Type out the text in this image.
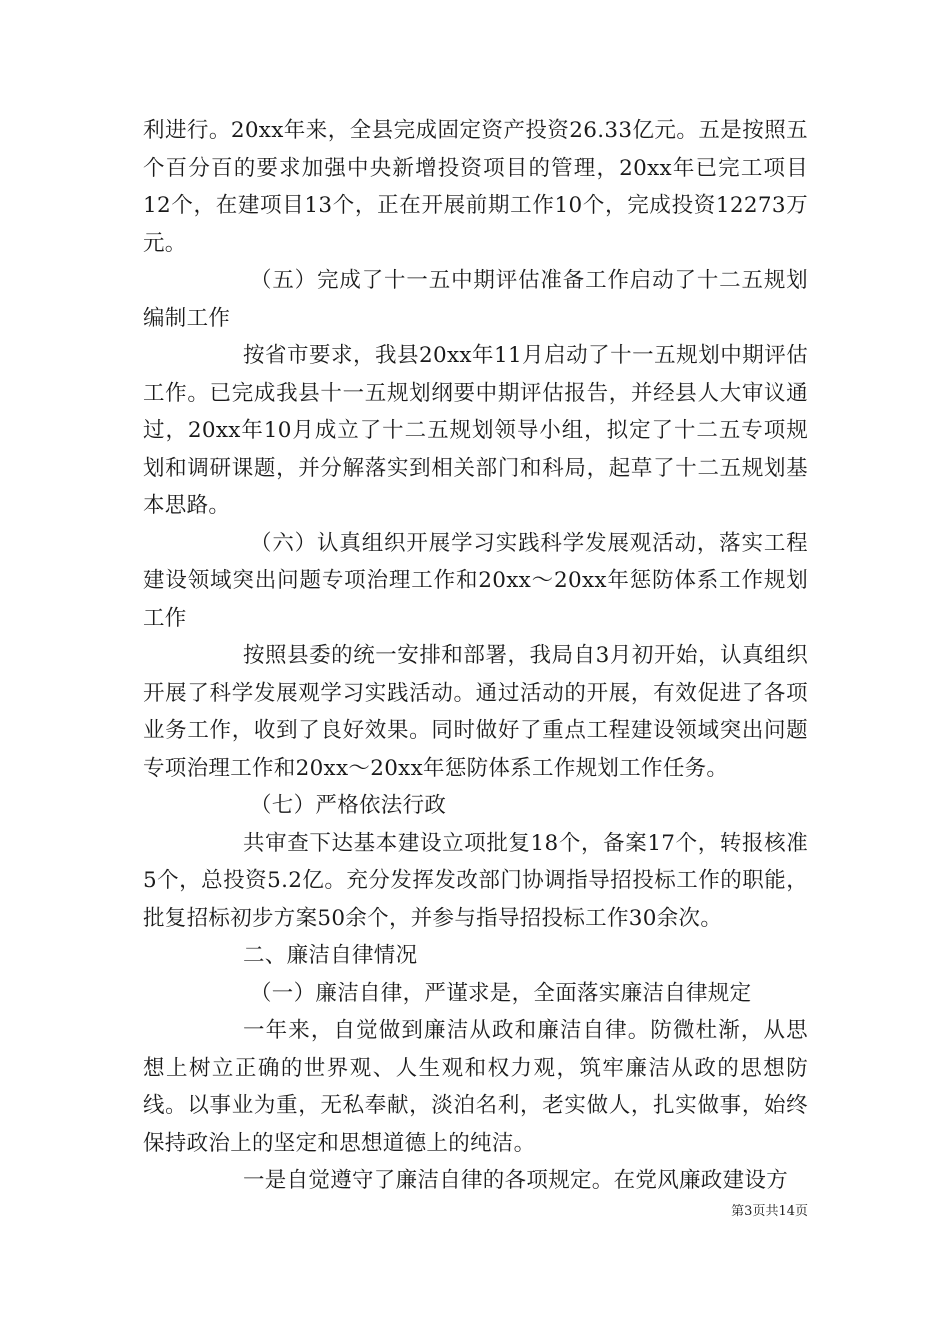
利进行。20xx年来，全县完成固定资产投资26.33亿元。五是按照五个百分百的要求加强中央新增投资项目的管理，20xx年已完工项目12个，在建项目13个，正在开展前期工作10个，完成投资12273万元。

（五）完成了十一五中期评估准备工作启动了十二五规划编制工作

按省市要求，我县20xx年11月启动了十一五规划中期评估工作。已完成我县十一五规划纲要中期评估报告，并经县人大审议通过，20xx年10月成立了十二五规划领导小组，拟定了十二五专项规划和调研课题，并分解落实到相关部门和科局，起草了十二五规划基本思路。

（六）认真组织开展学习实践科学发展观活动，落实工程建设领域突出问题专项治理工作和20xx～20xx年惩防体系工作规划工作

按照县委的统一安排和部署，我局自3月初开始，认真组织开展了科学发展观学习实践活动。通过活动的开展，有效促进了各项业务工作，收到了良好效果。同时做好了重点工程建设领域突出问题专项治理工作和20xx～20xx年惩防体系工作规划工作任务。

（七）严格依法行政

共审查下达基本建设立项批复18个，备案17个，转报核准5个，总投资5.2亿。充分发挥发改部门协调指导招投标工作的职能，批复招标初步方案50余个，并参与指导招投标工作30余次。

二、廉洁自律情况

（一）廉洁自律，严谨求是，全面落实廉洁自律规定

一年来，自觉做到廉洁从政和廉洁自律。防微杜渐，从思想上树立正确的世界观、人生观和权力观，筑牢廉洁从政的思想防线。以事业为重，无私奉献，淡泊名利，老实做人，扎实做事，始终保持政治上的坚定和思想道德上的纯洁。

一是自觉遵守了廉洁自律的各项规定。在党风廉政建设方

第3页共14页
